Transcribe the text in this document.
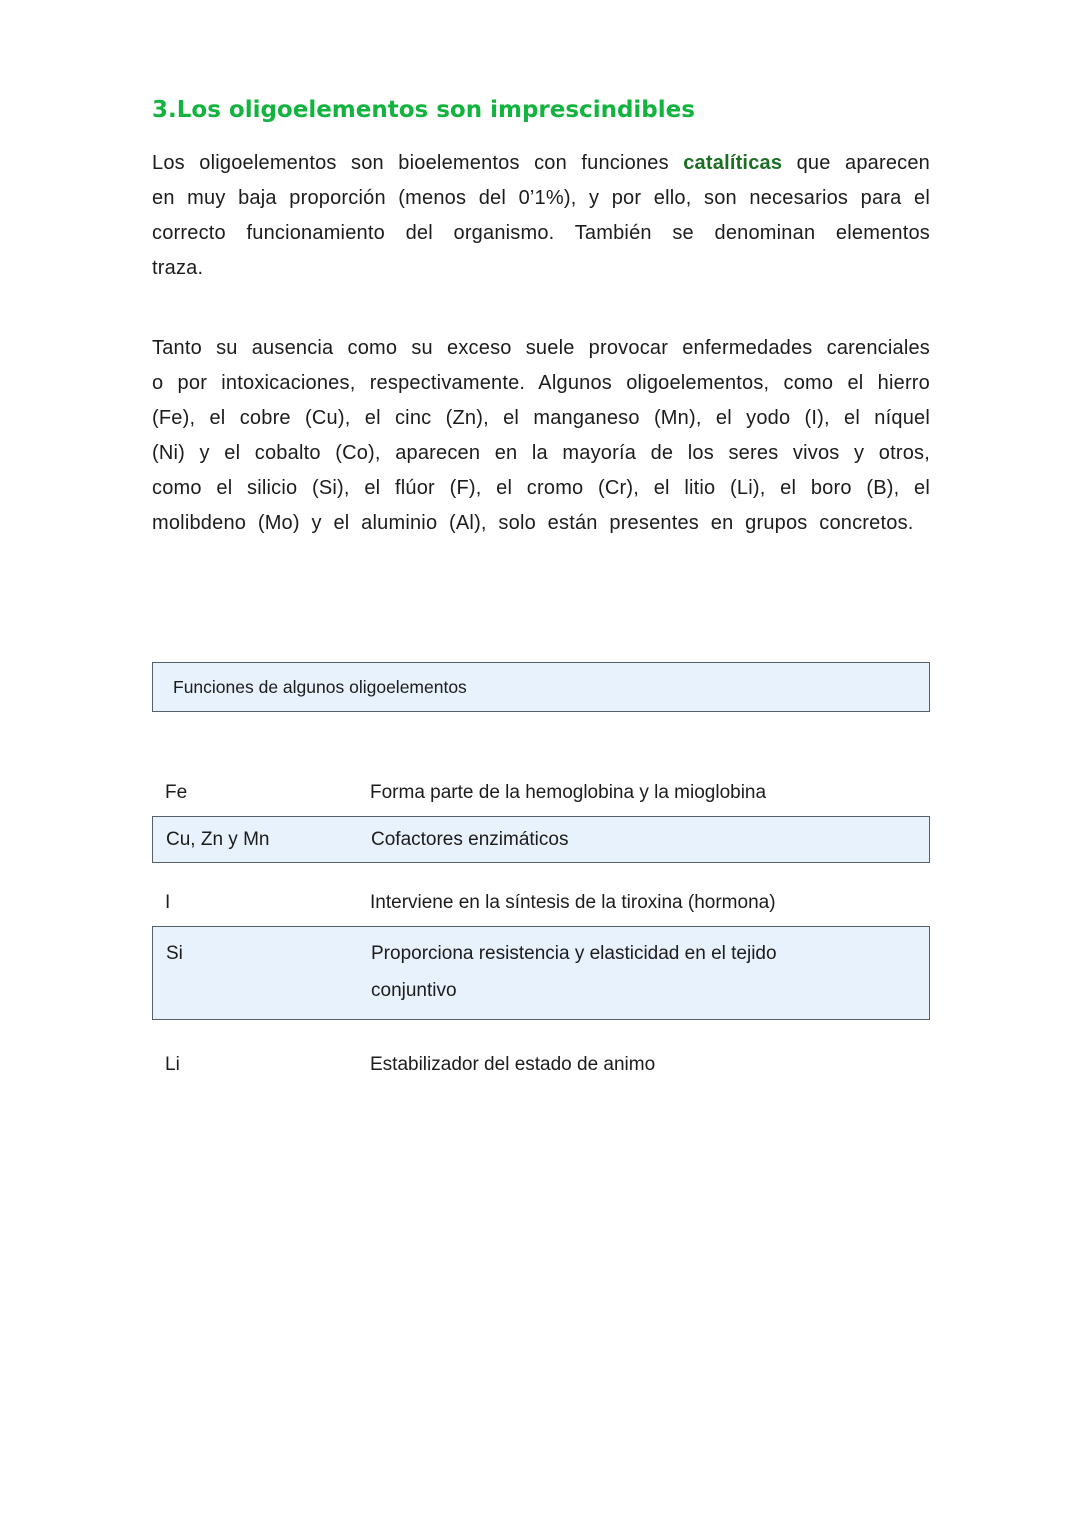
3.Los oligoelementos son imprescindibles

Los oligoelementos son bioelementos con funciones catalíticas que aparecen en muy baja proporción (menos del 0’1%), y por ello, son necesarios para el correcto funcionamiento del organismo. También se denominan elementos traza.

Tanto su ausencia como su exceso suele provocar enfermedades carenciales o por intoxicaciones, respectivamente. Algunos oligoelementos, como el hierro (Fe), el cobre (Cu), el cinc (Zn), el manganeso (Mn), el yodo (I), el níquel (Ni) y el cobalto (Co), aparecen en la mayoría de los seres vivos y otros, como el silicio (Si), el flúor (F), el cromo (Cr), el litio (Li), el boro (B), el molibdeno (Mo) y el aluminio (Al), solo están presentes en grupos concretos.

Funciones de algunos oligoelementos
Fe	Forma parte de la hemoglobina y la mioglobina
Cu, Zn y Mn	Cofactores enzimáticos
I	Interviene en la síntesis de la tiroxina (hormona)
Si	Proporciona resistencia y elasticidad en el tejido conjuntivo
Li	Estabilizador del estado de animo
